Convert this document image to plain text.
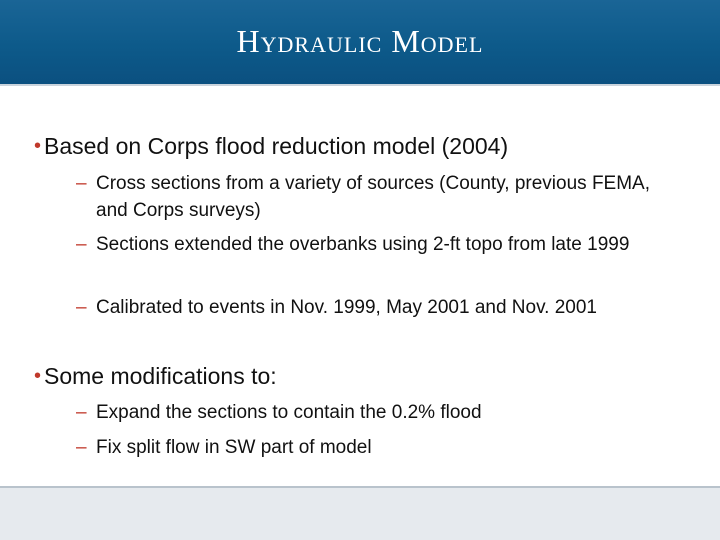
Hydraulic Model
• Based on Corps flood reduction model (2004)
– Cross sections from a variety of sources (County, previous FEMA, and Corps surveys)
– Sections extended the overbanks using 2-ft topo from late 1999
– Calibrated to events in Nov. 1999, May 2001 and Nov. 2001
• Some modifications to:
– Expand the sections to contain the 0.2% flood
– Fix split flow in SW part of model
